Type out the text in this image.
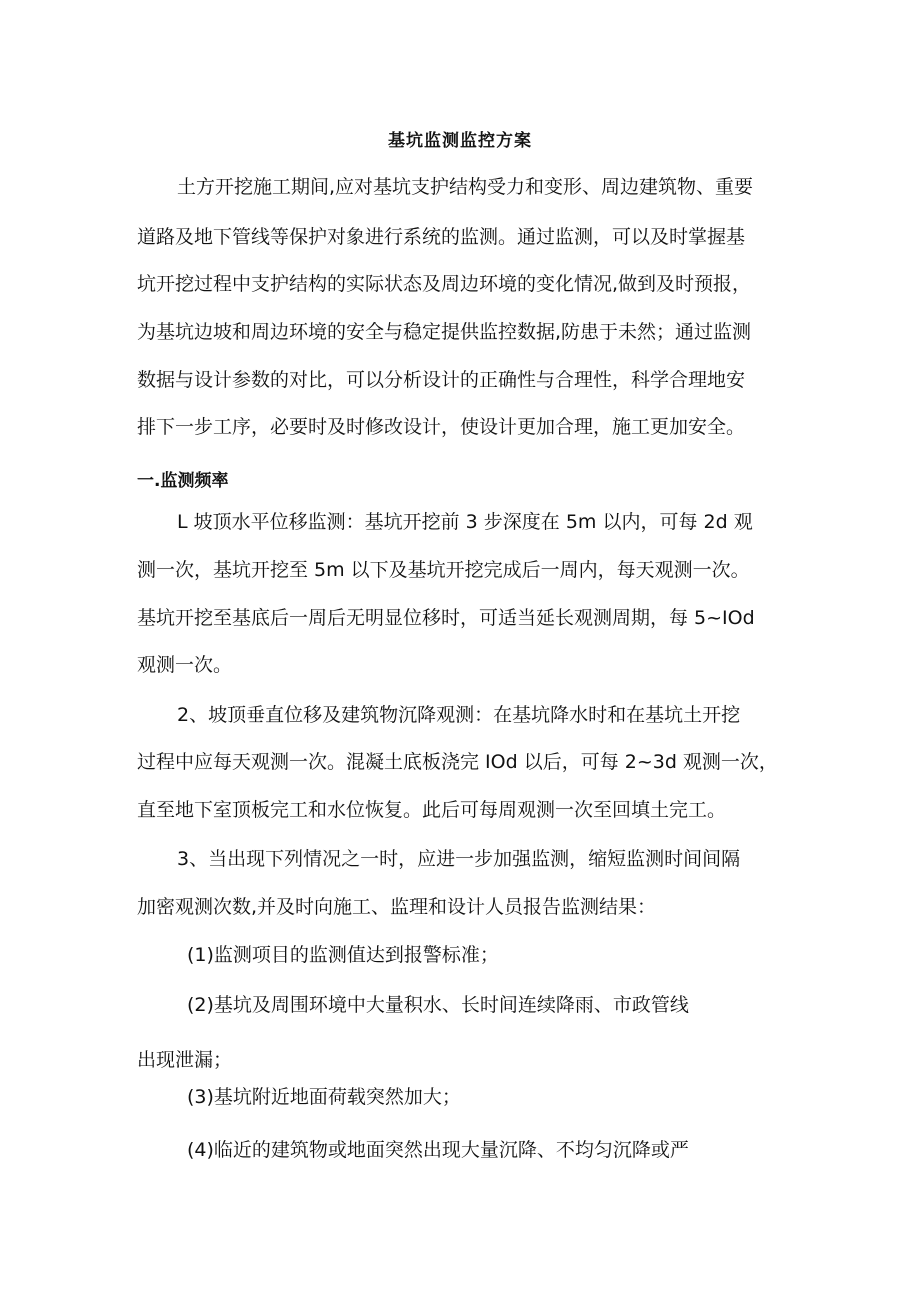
基坑监测监控方案
土方开挖施工期间,应对基坑支护结构受力和变形、周边建筑物、重要
道路及地下管线等保护对象进行系统的监测。通过监测，可以及时掌握基
坑开挖过程中支护结构的实际状态及周边环境的变化情况,做到及时预报，
为基坑边坡和周边环境的安全与稳定提供监控数据,防患于未然；通过监测
数据与设计参数的对比，可以分析设计的正确性与合理性，科学合理地安
排下一步工序，必要时及时修改设计，使设计更加合理，施工更加安全。
一.监测频率
L 坡顶水平位移监测：基坑开挖前 3 步深度在 5m 以内，可每 2d 观
测一次，基坑开挖至 5m 以下及基坑开挖完成后一周内，每天观测一次。
基坑开挖至基底后一周后无明显位移时，可适当延长观测周期，每 5~IOd
观测一次。
2、坡顶垂直位移及建筑物沉降观测：在基坑降水时和在基坑土开挖
过程中应每天观测一次。混凝土底板浇完 IOd 以后，可每 2~3d 观测一次，
直至地下室顶板完工和水位恢复。此后可每周观测一次至回填土完工。
3、当出现下列情况之一时，应进一步加强监测，缩短监测时间间隔
加密观测次数,并及时向施工、监理和设计人员报告监测结果：
(1)监测项目的监测值达到报警标准；
(2)基坑及周围环境中大量积水、长时间连续降雨、市政管线
出现泄漏；
(3)基坑附近地面荷载突然加大；
(4)临近的建筑物或地面突然出现大量沉降、不均匀沉降或严
